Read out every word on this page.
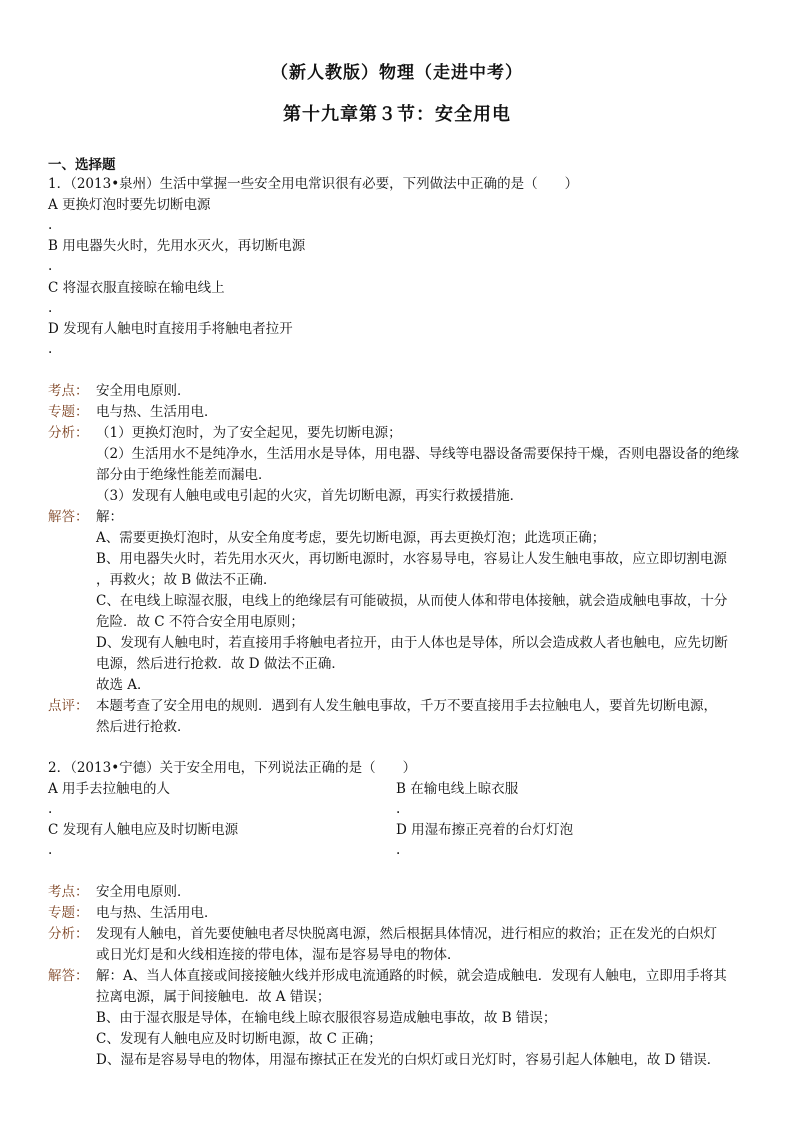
（新人教版）物理（走进中考）
第十九章第３节：安全用电
一、选择题
1．（2013•泉州）生活中掌握一些安全用电常识很有必要，下列做法中正确的是（　　）
A 更换灯泡时要先切断电源
.
B 用电器失火时，先用水灭火，再切断电源
.
C 将湿衣服直接晾在输电线上
.
D 发现有人触电时直接用手将触电者拉开
.
考点： 安全用电原则．
专题： 电与热、生活用电．
分析： （1）更换灯泡时，为了安全起见，要先切断电源；
（2）生活用水不是纯净水，生活用水是导体，用电器、导线等电器设备需要保持干燥，否则电器设备的绝缘
部分由于绝缘性能差而漏电．
（3）发现有人触电或电引起的火灾，首先切断电源，再实行救援措施．
解答： 解：
A、需要更换灯泡时，从安全角度考虑，要先切断电源，再去更换灯泡；此选项正确；
B、用电器失火时，若先用水灭火，再切断电源时，水容易导电，容易让人发生触电事故，应立即切割电源
，再救火；故 B 做法不正确．
C、在电线上晾湿衣服，电线上的绝缘层有可能破损，从而使人体和带电体接触，就会造成触电事故，十分
危险．故 C 不符合安全用电原则；
D、发现有人触电时，若直接用手将触电者拉开，由于人体也是导体，所以会造成救人者也触电，应先切断
电源，然后进行抢救．故 D 做法不正确．
故选 A．
点评： 本题考查了安全用电的规则．遇到有人发生触电事故，千万不要直接用手去拉触电人，要首先切断电源，
然后进行抢救．
2．（2013•宁德）关于安全用电，下列说法正确的是（　　）
A 用手去拉触电的人
.
B 在输电线上晾衣服
.
C 发现有人触电应及时切断电源
.
D 用湿布擦正亮着的台灯灯泡
.
考点： 安全用电原则．
专题： 电与热、生活用电．
分析： 发现有人触电，首先要使触电者尽快脱离电源，然后根据具体情况，进行相应的救治；正在发光的白炽灯
或日光灯是和火线相连接的带电体，湿布是容易导电的物体．
解答： 解：A、当人体直接或间接接触火线并形成电流通路的时候，就会造成触电．发现有人触电，立即用手将其
拉离电源，属于间接触电．故 A 错误；
B、由于湿衣服是导体，在输电线上晾衣服很容易造成触电事故，故 B 错误；
C、发现有人触电应及时切断电源，故 C 正确；
D、湿布是容易导电的物体，用湿布擦拭正在发光的白炽灯或日光灯时，容易引起人体触电，故 D 错误．
